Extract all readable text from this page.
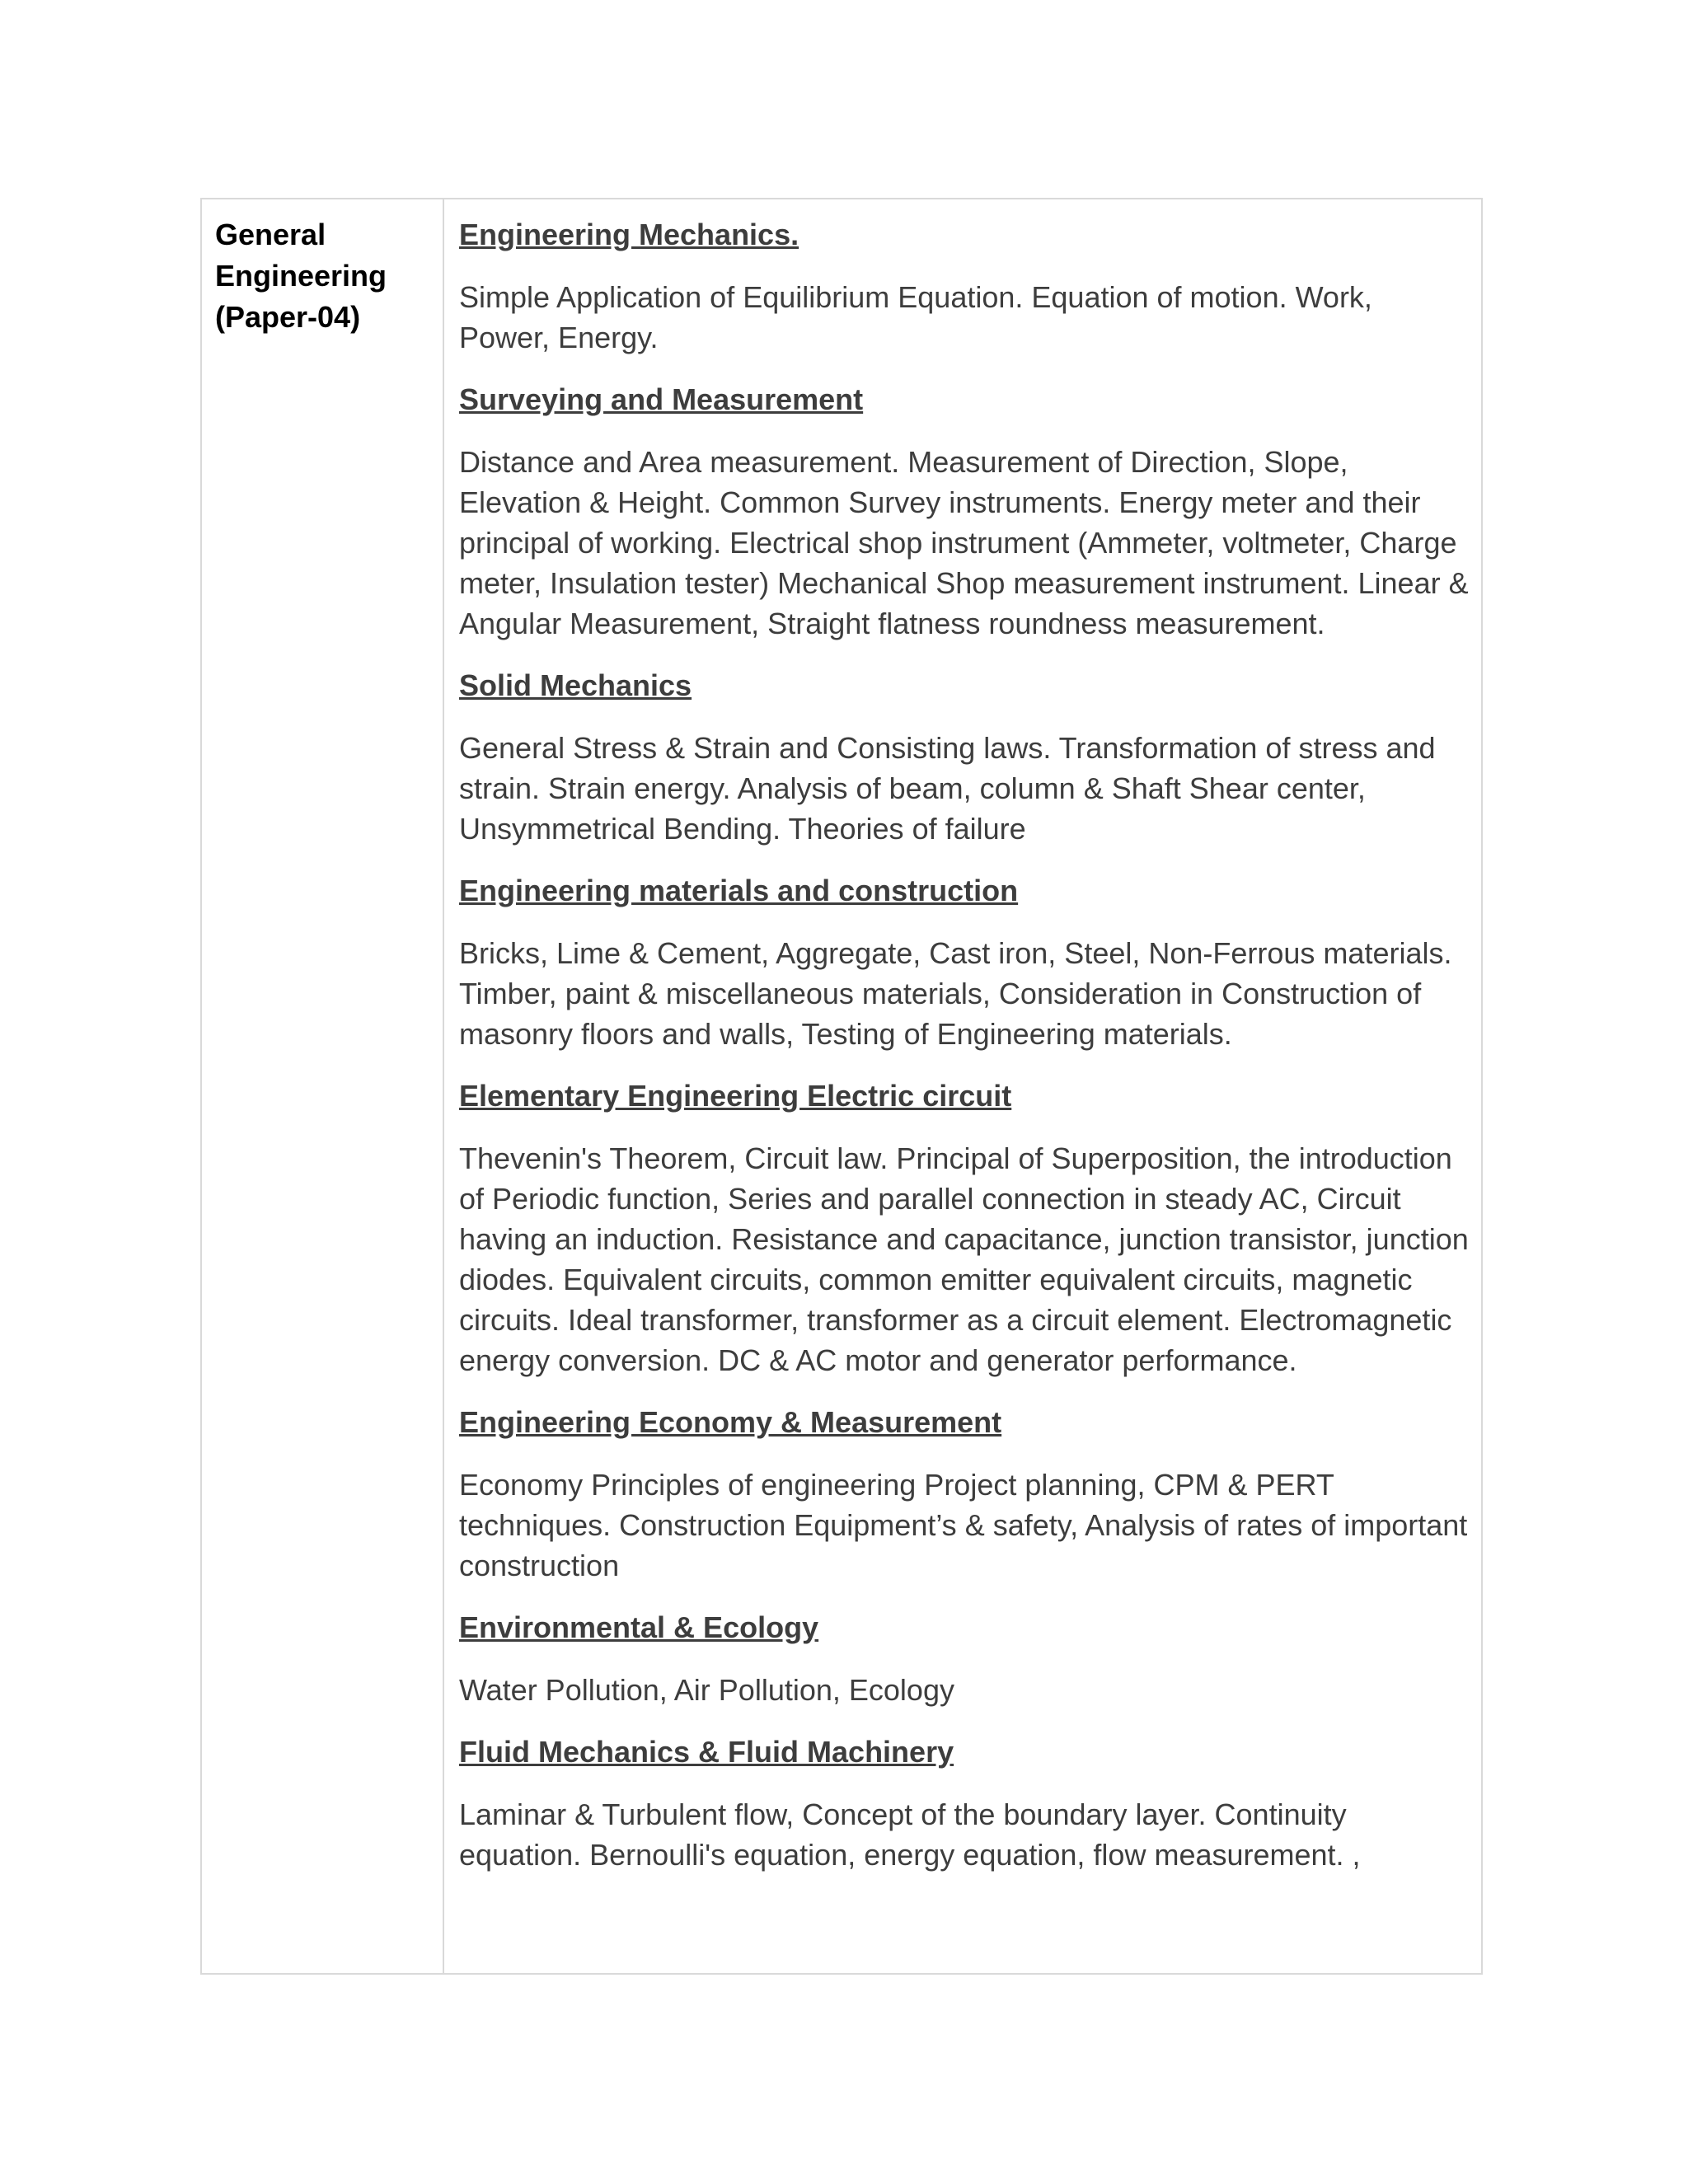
General
Engineering
(Paper-04)

Engineering Mechanics.

Simple Application of Equilibrium Equation. Equation of motion. Work, Power, Energy.

Surveying and Measurement

Distance and Area measurement. Measurement of Direction, Slope, Elevation & Height. Common Survey instruments. Energy meter and their principal of working. Electrical shop instrument (Ammeter, voltmeter, Charge meter, Insulation tester) Mechanical Shop measurement instrument. Linear & Angular Measurement, Straight flatness roundness measurement.

Solid Mechanics

General Stress & Strain and Consisting laws. Transformation of stress and strain. Strain energy. Analysis of beam, column & Shaft Shear center, Unsymmetrical Bending. Theories of failure

Engineering materials and construction

Bricks, Lime & Cement, Aggregate, Cast iron, Steel, Non-Ferrous materials. Timber, paint & miscellaneous materials, Consideration in Construction of masonry floors and walls, Testing of Engineering materials.

Elementary Engineering Electric circuit

Thevenin's Theorem, Circuit law. Principal of Superposition, the introduction of Periodic function, Series and parallel connection in steady AC, Circuit having an induction. Resistance and capacitance, junction transistor, junction diodes. Equivalent circuits, common emitter equivalent circuits, magnetic circuits. Ideal transformer, transformer as a circuit element. Electromagnetic energy conversion. DC & AC motor and generator performance.

Engineering Economy & Measurement

Economy Principles of engineering Project planning, CPM & PERT techniques. Construction Equipment’s & safety, Analysis of rates of important construction

Environmental & Ecology

Water Pollution, Air Pollution, Ecology

Fluid Mechanics & Fluid Machinery

Laminar & Turbulent flow, Concept of the boundary layer. Continuity equation. Bernoulli's equation, energy equation, flow measurement. ,
